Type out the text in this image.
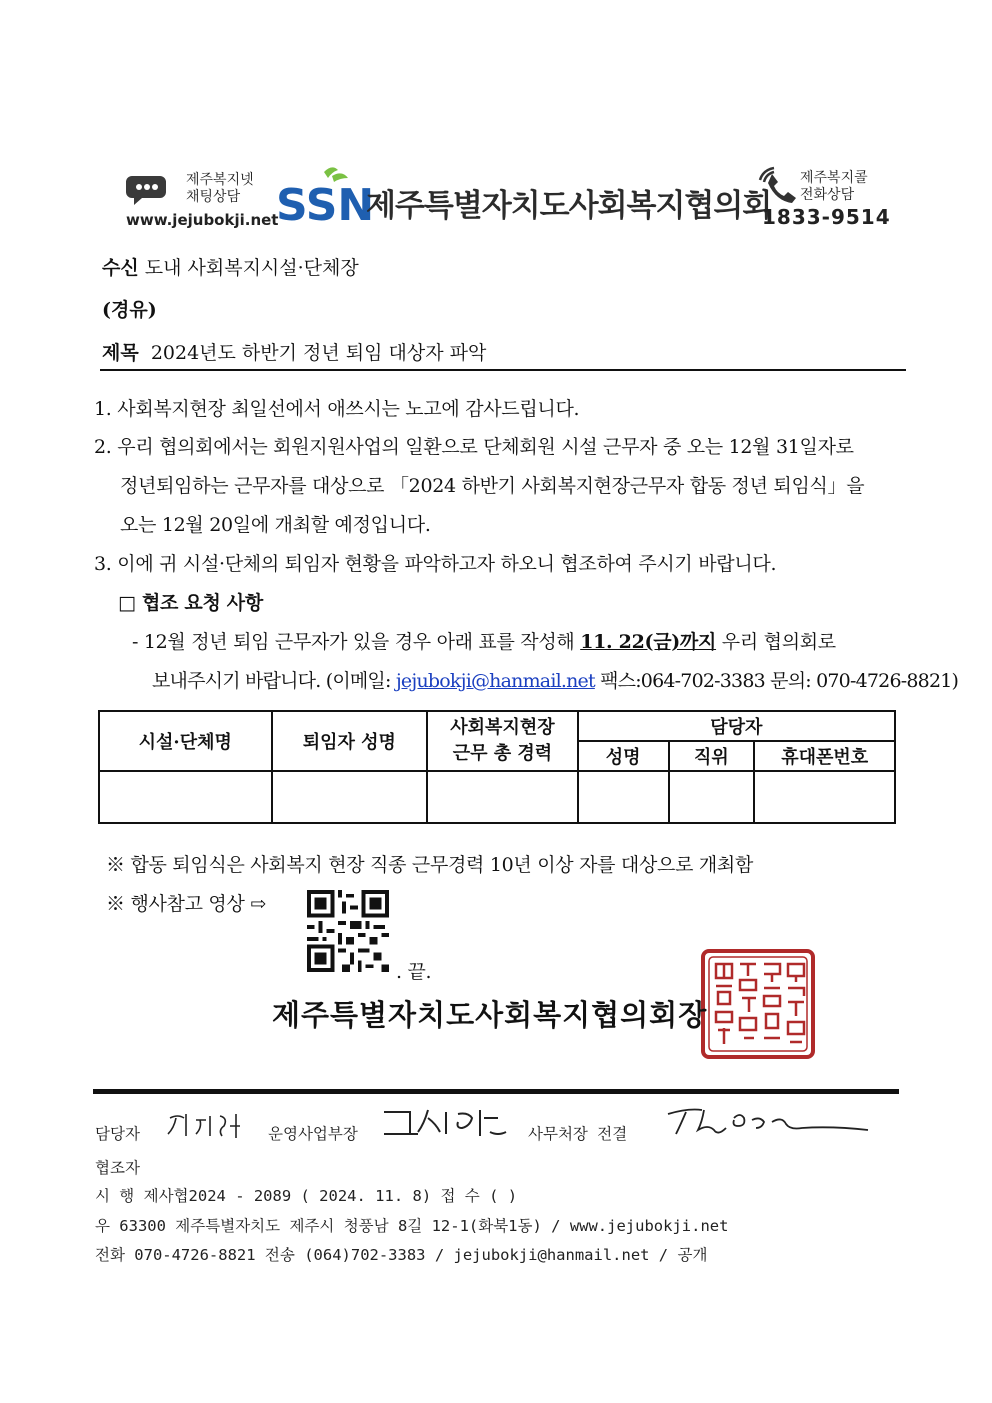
제주복지넷
채팅상담
www.jejubokji.net
SSN
제주특별자치도사회복지협의회
제주복지콜
전화상담
1833-9514
수신 도내 사회복지시설·단체장
(경유)
제목 2024년도 하반기 정년 퇴임 대상자 파악
1. 사회복지현장 최일선에서 애쓰시는 노고에 감사드립니다.
2. 우리 협의회에서는 회원지원사업의 일환으로 단체회원 시설 근무자 중 오는 12월 31일자로
정년퇴임하는 근무자를 대상으로 「2024 하반기 사회복지현장근무자 합동 정년 퇴임식」을
오는 12월 20일에 개최할 예정입니다.
3. 이에 귀 시설·단체의 퇴임자 현황을 파악하고자 하오니 협조하여 주시기 바랍니다.
□ 협조 요청 사항
- 12월 정년 퇴임 근무자가 있을 경우 아래 표를 작성해 11. 22(금)까지 우리 협의회로
보내주시기 바랍니다. (이메일: jejubokji@hanmail.net 팩스:064-702-3383 문의: 070-4726-8821)
시설·단체명	퇴임자 성명	사회복지현장
근무 총 경력	담당자		
			성명	직위	휴대폰번호

※ 합동 퇴임식은 사회복지 현장 직종 근무경력 10년 이상 자를 대상으로 개최함
※ 행사참고 영상 ⇨
. 끝.
제주특별자치도사회복지협의회장
담당자	운영사업부장	사무처장 전결
협조자
시 행 제사협2024 - 2089 ( 2024. 11. 8) 접 수 ( )
우 63300 제주특별자치도 제주시 청풍남 8길 12-1(화북1동) / www.jejubokji.net
전화 070-4726-8821 전송 (064)702-3383 / jejubokji@hanmail.net / 공개
